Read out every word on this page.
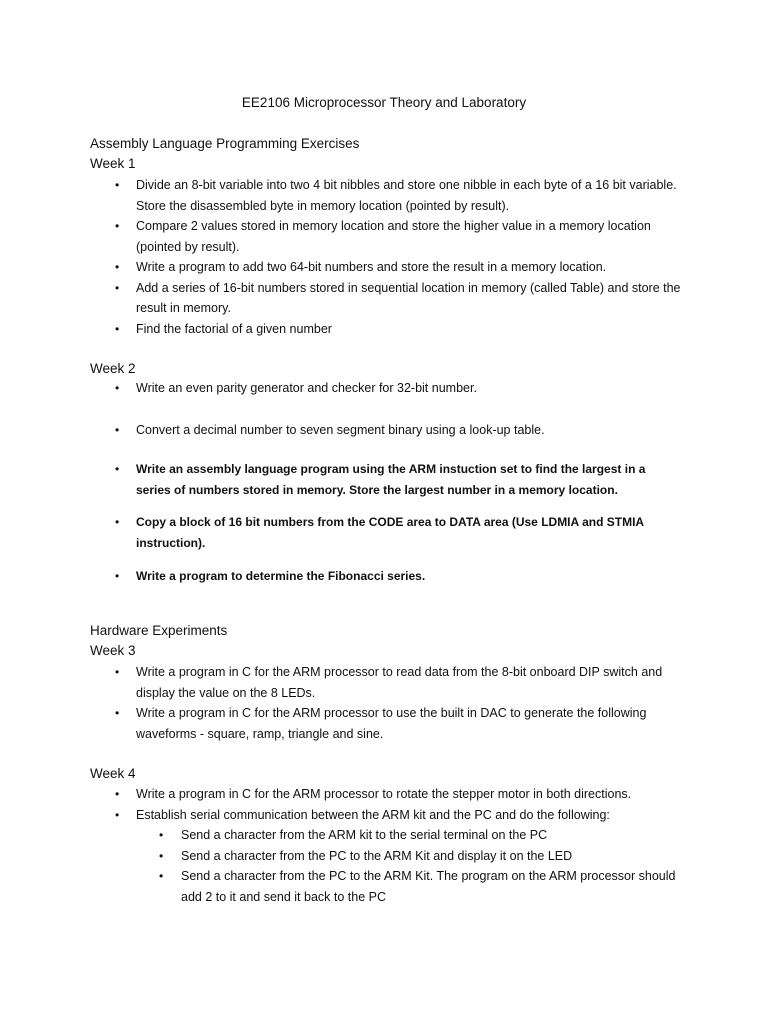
EE2106 Microprocessor Theory and Laboratory
Assembly Language Programming Exercises
Week 1
• Divide an 8-bit variable into two 4 bit nibbles and store one nibble in each byte of a 16 bit variable. Store the disassembled byte in memory location (pointed by result).
• Compare 2 values stored in memory location and store the higher value in a memory location (pointed by result).
• Write a program to add two 64-bit numbers and store the result in a memory location.
• Add a series of 16-bit numbers stored in sequential location in memory (called Table) and store the result in memory.
• Find the factorial of a given number
Week 2
• Write an even parity generator and checker for 32-bit number.
• Convert a decimal number to seven segment binary using a look-up table.
• Write an assembly language program using the ARM instuction set to find the largest in a series of numbers stored in memory. Store the largest number in a memory location.
• Copy a block of 16 bit numbers from the CODE area to DATA area (Use LDMIA and STMIA instruction).
• Write a program to determine the Fibonacci series.
Hardware Experiments
Week 3
• Write a program in C for the ARM processor to read data from the 8-bit onboard DIP switch and display the value on the 8 LEDs.
• Write a program in C for the ARM processor to use the built in DAC to generate the following waveforms - square, ramp, triangle and sine.
Week 4
• Write a program in C for the ARM processor to rotate the stepper motor in both directions.
• Establish serial communication between the ARM kit and the PC and do the following:
• Send a character from the ARM kit to the serial terminal on the PC
• Send a character from the PC to the ARM Kit and display it on the LED
• Send a character from the PC to the ARM Kit. The program on the ARM processor should add 2 to it and send it back to the PC
